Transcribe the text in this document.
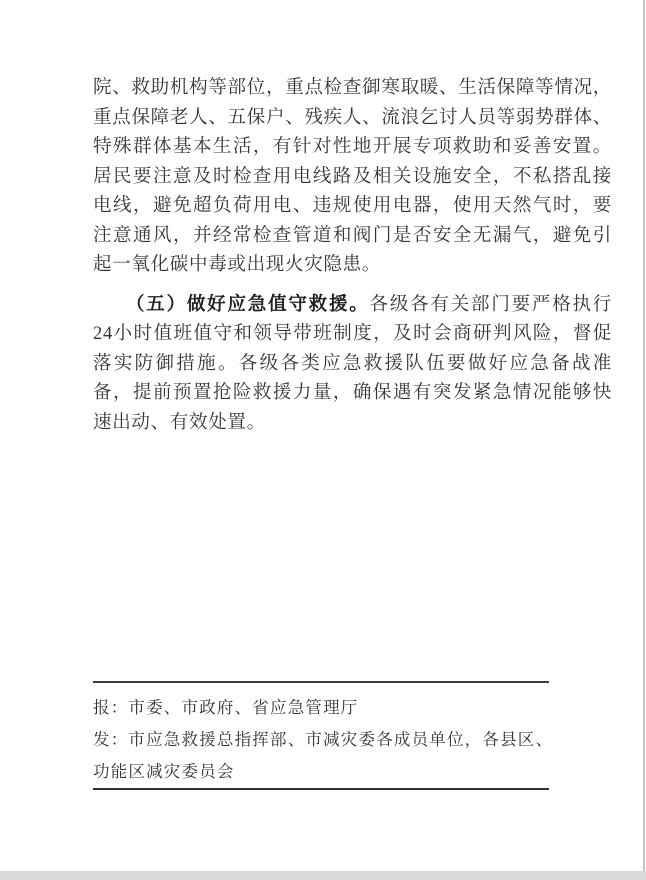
院、救助机构等部位，重点检查御寒取暖、生活保障等情况，
重点保障老人、五保户、残疾人、流浪乞讨人员等弱势群体、
特殊群体基本生活，有针对性地开展专项救助和妥善安置。
居民要注意及时检查用电线路及相关设施安全，不私搭乱接
电线，避免超负荷用电、违规使用电器，使用天然气时，要
注意通风，并经常检查管道和阀门是否安全无漏气，避免引
起一氧化碳中毒或出现火灾隐患。
（五）做好应急值守救援。各级各有关部门要严格执行
24小时值班值守和领导带班制度，及时会商研判风险，督促
落实防御措施。各级各类应急救援队伍要做好应急备战准
备，提前预置抢险救援力量，确保遇有突发紧急情况能够快
速出动、有效处置。
报：市委、市政府、省应急管理厅
发：市应急救援总指挥部、市减灾委各成员单位，各县区、
功能区减灾委员会
